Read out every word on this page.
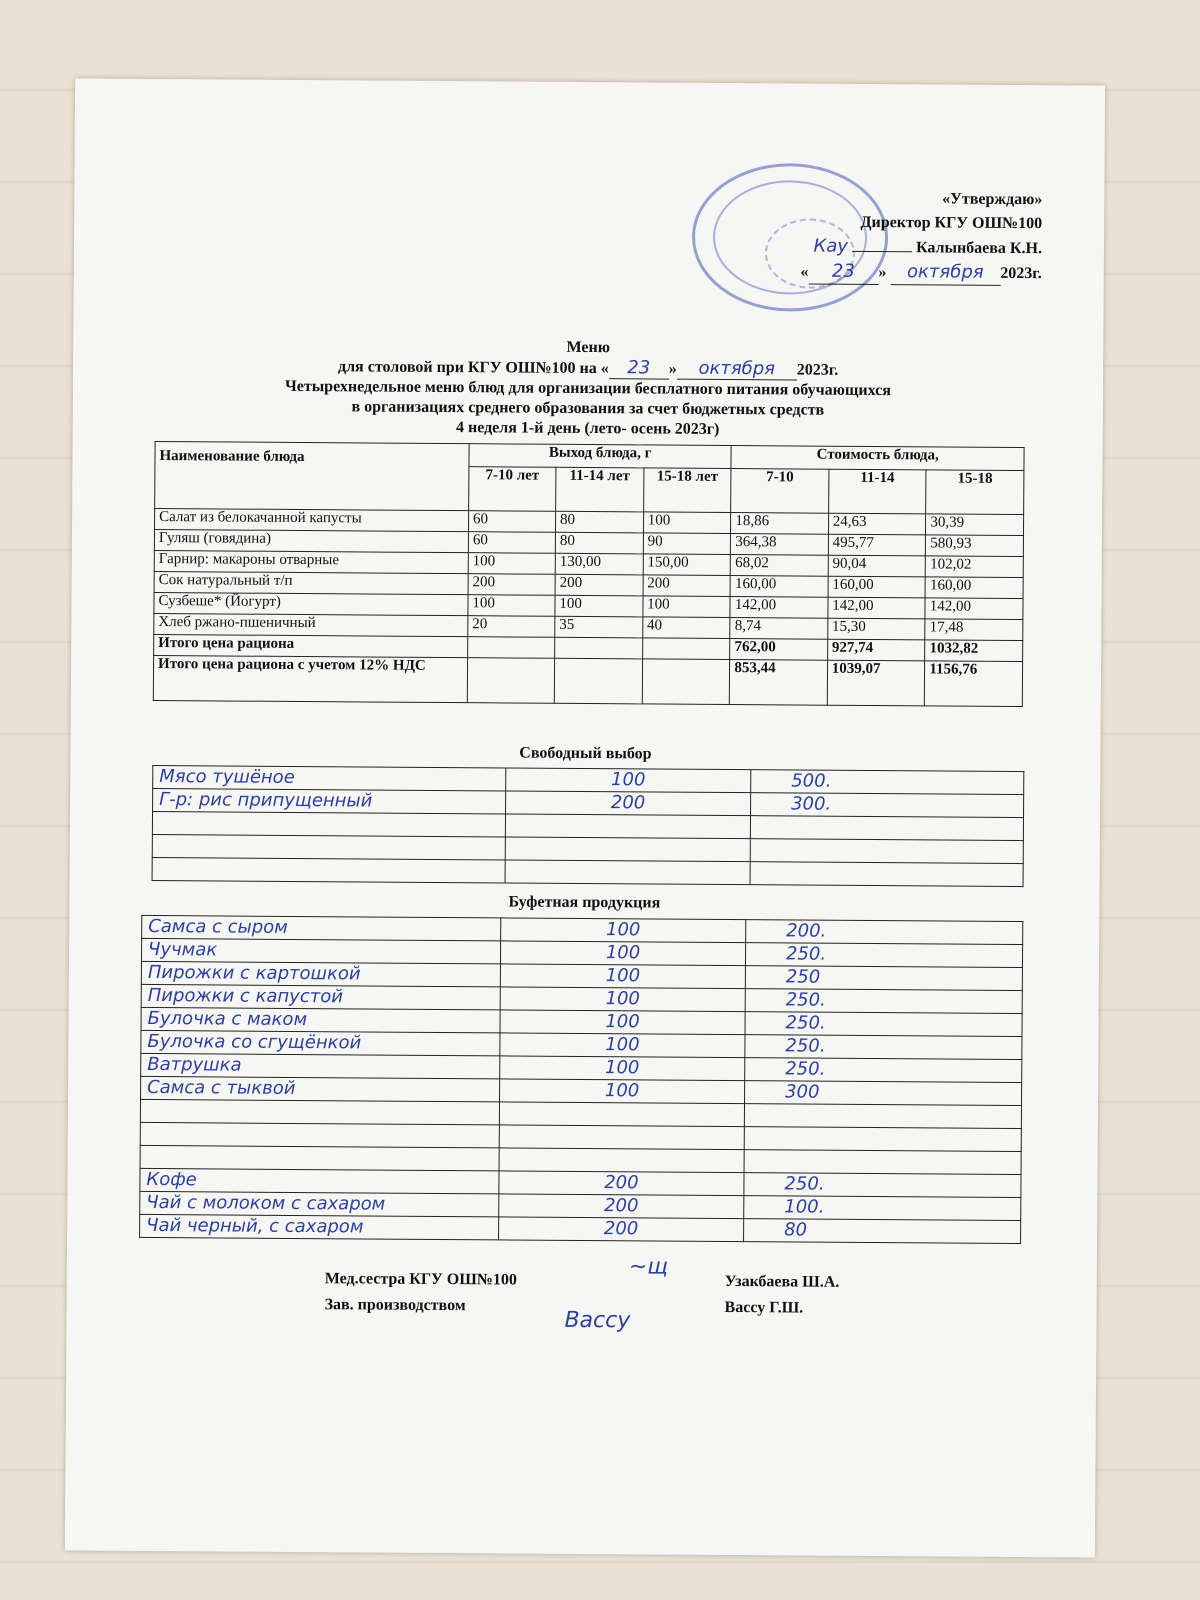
«Утверждаю»
Директор КГУ ОШ№100
Кау	Калынбаева К.Н.
« 23 » октября 2023г.
Меню
для столовой при КГУ ОШ№100 на « 23 » октября 2023г.
Четырехнедельное меню блюд для организации бесплатного питания обучающихся
в организациях среднего образования за счет бюджетных средств
4 неделя 1-й день (лето- осень 2023г)
Наименование блюда	Выход блюда, г			Стоимость блюда,		
	7-10 лет	11-14 лет	15-18 лет	7-10	11-14	15-18
Салат из белокачанной капусты	60	80	100	18,86	24,63	30,39
Гуляш (говядина)	60	80	90	364,38	495,77	580,93
Гарнир: макароны отварные	100	130,00	150,00	68,02	90,04	102,02
Сок натуральный т/п	200	200	200	160,00	160,00	160,00
Сузбеше* (Йогурт)	100	100	100	142,00	142,00	142,00
Хлеб ржано-пшеничный	20	35	40	8,74	15,30	17,48
Итого цена рациона				762,00	927,74	1032,82
Итого цена рациона с учетом 12% НДС				853,44	1039,07	1156,76
Свободный выбор
Мясо тушёное	100	500.
Г-р: рис припущенный	200	300.

Буфетная продукция
Самса с сыром	100	200.
Чучмак	100	250.
Пирожки с картошкой	100	250
Пирожки с капустой	100	250.
Булочка с маком	100	250.
Булочка со сгущёнкой	100	250.
Ватрушка	100	250.
Самса с тыквой	100	300

Кофе	200	250.
Чай с молоком с сахаром	200	100.
Чай черный, с сахаром	200	80
Мед.сестра КГУ ОШ№100
Зав. производством
~щ
Вассу
Узакбаева Ш.А.
Вассу Г.Ш.
